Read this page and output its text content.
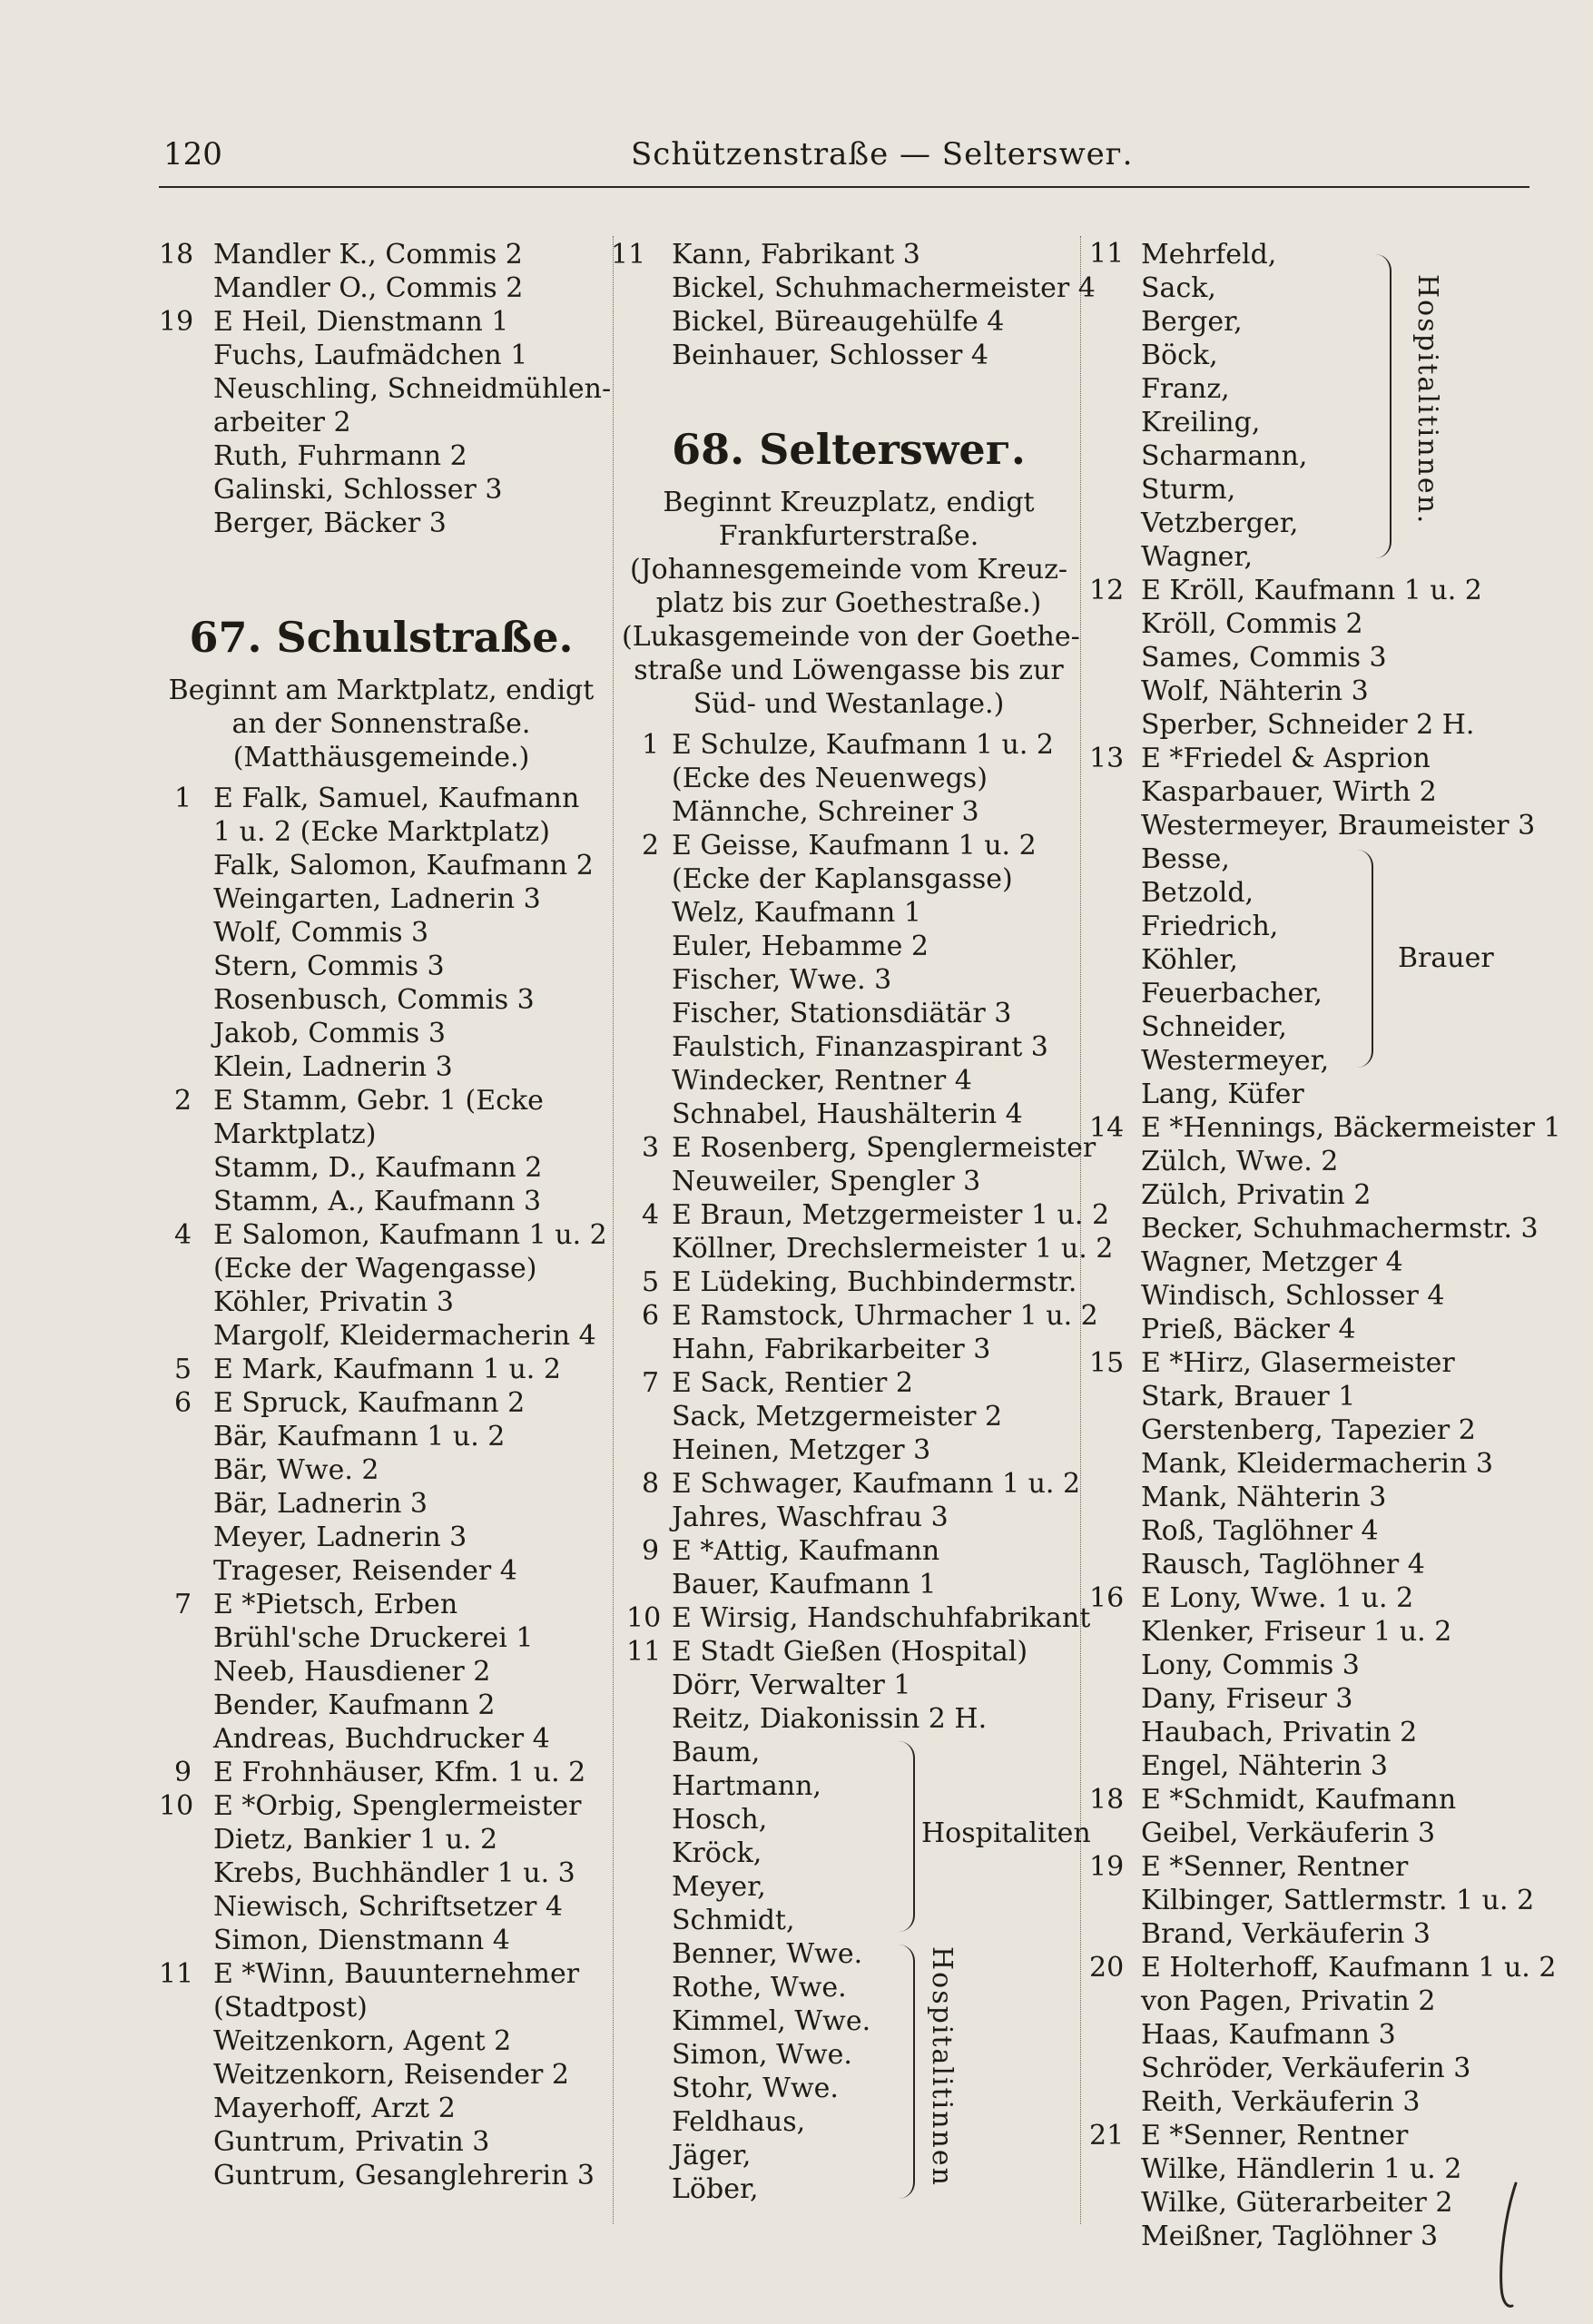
120	Schützenstraße — Selterswег.
18 Mandler K., Commis 2
Mandler O., Commis 2
19 E Heil, Dienstmann 1
Fuchs, Laufmädchen 1
Neuschling, Schneidmühlen-
arbeiter 2
Ruth, Fuhrmann 2
Galinski, Schlosser 3
Berger, Bäcker 3
67. Schulstraße.
Beginnt am Marktplatz, endigt
an der Sonnenstraße.
(Matthäusgemeinde.)
1 E Falk, Samuel, Kaufmann
1 u. 2 (Ecke Marktplatz)
Falk, Salomon, Kaufmann 2
Weingarten, Ladnerin 3
Wolf, Commis 3
Stern, Commis 3
Rosenbusch, Commis 3
Jakob, Commis 3
Klein, Ladnerin 3
2 E Stamm, Gebr. 1 (Ecke
Marktplatz)
Stamm, D., Kaufmann 2
Stamm, A., Kaufmann 3
4 E Salomon, Kaufmann 1 u. 2
(Ecke der Wagengasse)
Köhler, Privatin 3
Margolf, Kleidermacherin 4
5 E Mark, Kaufmann 1 u. 2
6 E Spruck, Kaufmann 2
Bär, Kaufmann 1 u. 2
Bär, Wwe. 2
Bär, Ladnerin 3
Meyer, Ladnerin 3
Trageser, Reisender 4
7 E *Pietsch, Erben
Brühl'sche Druckerei 1
Neeb, Hausdiener 2
Bender, Kaufmann 2
Andreas, Buchdrucker 4
9 E Frohnhäuser, Kfm. 1 u. 2
10 E *Orbig, Spenglermeister
Dietz, Bankier 1 u. 2
Krebs, Buchhändler 1 u. 3
Niewisch, Schriftsetzer 4
Simon, Dienstmann 4
11 E *Winn, Bauunternehmer
(Stadtpost)
Weitzenkorn, Agent 2
Weitzenkorn, Reisender 2
Mayerhoff, Arzt 2
Guntrum, Privatin 3
Guntrum, Gesanglehrerin 3
11 Kann, Fabrikant 3
Bickel, Schuhmachermeister 4
Bickel, Büreaugehülfe 4
Beinhauer, Schlosser 4
68. Selterswег.
Beginnt Kreuzplatz, endigt
Frankfurterstraße.
(Johannesgemeinde vom Kreuz-
platz bis zur Goethestraße.)
(Lukasgemeinde von der Goethe-
straße und Löwengasse bis zur
Süd- und Westanlage.)
1 E Schulze, Kaufmann 1 u. 2
(Ecke des Neuenwegs)
Männche, Schreiner 3
2 E Geisse, Kaufmann 1 u. 2
(Ecke der Kaplansgasse)
Welz, Kaufmann 1
Euler, Hebamme 2
Fischer, Wwe. 3
Fischer, Stationsdiätär 3
Faulstich, Finanzaspirant 3
Windecker, Rentner 4
Schnabel, Haushälterin 4
3 E Rosenberg, Spenglermeister
Neuweiler, Spengler 3
4 E Braun, Metzgermeister 1 u. 2
Köllner, Drechslermeister 1 u. 2
5 E Lüdeking, Buchbindermstr.
6 E Ramstock, Uhrmacher 1 u. 2
Hahn, Fabrikarbeiter 3
7 E Sack, Rentier 2
Sack, Metzgermeister 2
Heinen, Metzger 3
8 E Schwager, Kaufmann 1 u. 2
Jahres, Waschfrau 3
9 E *Attig, Kaufmann
Bauer, Kaufmann 1
10 E Wirsig, Handschuhfabrikant
11 E Stadt Gießen (Hospital)
Dörr, Verwalter 1
Reitz, Diakonissin 2 H.
Baum,
Hartmann,
Hosch,
Kröck,
Meyer,
Schmidt,
Hospitaliten
Benner, Wwe.
Rothe, Wwe.
Kimmel, Wwe.
Simon, Wwe.
Stohr, Wwe.
Feldhaus,
Jäger,
Löber,
Hospitalitinnen
11 Mehrfeld,
Sack,
Berger,
Böck,
Franz,
Kreiling,
Scharmann,
Sturm,
Vetzberger,
Wagner,
Hospitalitinnen.
12 E Kröll, Kaufmann 1 u. 2
Kröll, Commis 2
Sames, Commis 3
Wolf, Nähterin 3
Sperber, Schneider 2 H.
13 E *Friedel & Asprion
Kasparbauer, Wirth 2
Westermeyer, Braumeister 3
Besse,
Betzold,
Friedrich,
Köhler,
Feuerbacher,
Schneider,
Westermeyer,
Brauer
Lang, Küfer
14 E *Hennings, Bäckermeister 1
Zülch, Wwe. 2
Zülch, Privatin 2
Becker, Schuhmachermstr. 3
Wagner, Metzger 4
Windisch, Schlosser 4
Prieß, Bäcker 4
15 E *Hirz, Glasermeister
Stark, Brauer 1
Gerstenberg, Tapezier 2
Mank, Kleidermacherin 3
Mank, Nähterin 3
Roß, Taglöhner 4
Rausch, Taglöhner 4
16 E Lony, Wwe. 1 u. 2
Klenker, Friseur 1 u. 2
Lony, Commis 3
Dany, Friseur 3
Haubach, Privatin 2
Engel, Nähterin 3
18 E *Schmidt, Kaufmann
Geibel, Verkäuferin 3
19 E *Senner, Rentner
Kilbinger, Sattlermstr. 1 u. 2
Brand, Verkäuferin 3
20 E Holterhoff, Kaufmann 1 u. 2
von Pagen, Privatin 2
Haas, Kaufmann 3
Schröder, Verkäuferin 3
Reith, Verkäuferin 3
21 E *Senner, Rentner
Wilke, Händlerin 1 u. 2
Wilke, Güterarbeiter 2
Meißner, Taglöhner 3
